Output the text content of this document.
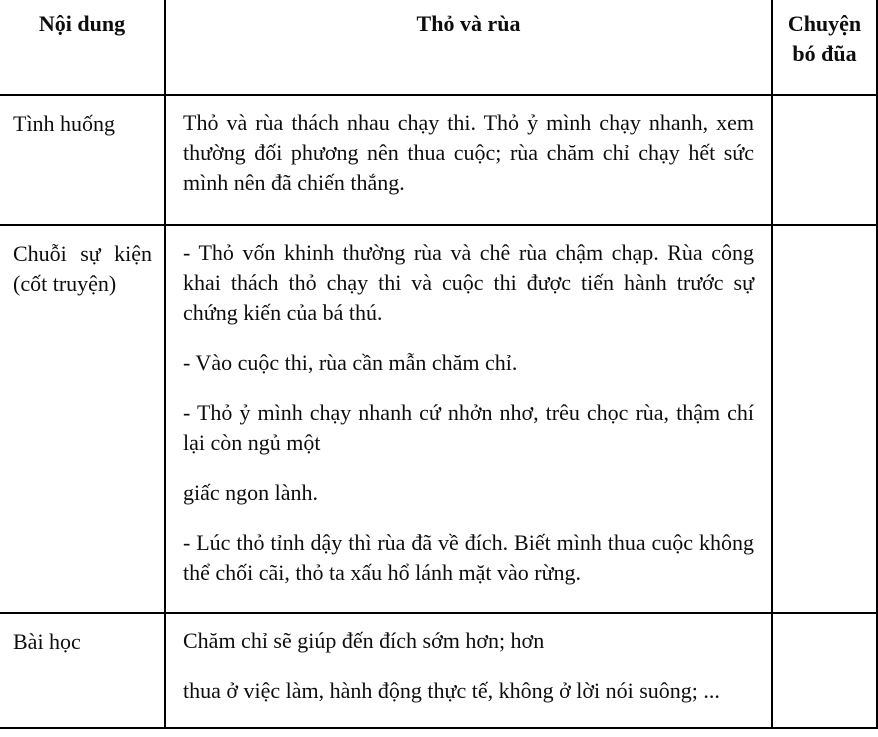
Nội dung	Thỏ và rùa	Chuyện bó đũa
Tình huống	Thỏ và rùa thách nhau chạy thi. Thỏ ỷ mình chạy nhanh, xem thường đối phương nên thua cuộc; rùa chăm chỉ chạy hết sức mình nên đã chiến thắng.	

Chuỗi sự kiện (cốt truyện)	- Thỏ vốn khinh thường rùa và chê rùa chậm chạp. Rùa công khai thách thỏ chạy thi và cuộc thi được tiến hành trước sự chứng kiến của bá thú.

- Vào cuộc thi, rùa cần mẫn chăm chỉ.

- Thỏ ỷ mình chạy nhanh cứ nhởn nhơ, trêu chọc rùa, thậm chí lại còn ngủ một

giấc ngon lành.

- Lúc thỏ tỉnh dậy thì rùa đã về đích. Biết mình thua cuộc không thể chối cãi, thỏ ta xấu hổ lánh mặt vào rừng.	

Bài học	Chăm chỉ sẽ giúp đến đích sớm hơn; hơn

thua ở việc làm, hành động thực tế, không ở lời nói suông; ...	
